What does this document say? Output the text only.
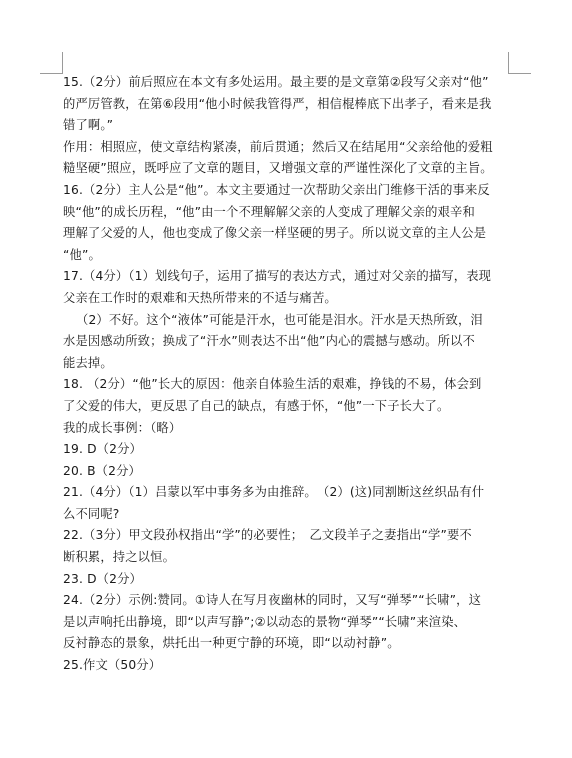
15.（2分）前后照应在本文有多处运用。最主要的是文章第②段写父亲对“他”
的严厉管教，在第⑥段用“他小时候我管得严，相信棍棒底下出孝子，看来是我
错了啊。”
作用：相照应，使文章结构紧凑，前后贯通；然后又在结尾用“父亲给他的爱粗
糙坚硬”照应，既呼应了文章的题目，又增强文章的严谨性深化了文章的主旨。
16.（2分）主人公是“他”。本文主要通过一次帮助父亲出门维修干活的事来反
映“他”的成长历程，“他”由一个不理解解父亲的人变成了理解父亲的艰辛和
理解了父爱的人，他也变成了像父亲一样坚硬的男子。所以说文章的主人公是
“他”。
17.（4分）（1）划线句子，运用了描写的表达方式，通过对父亲的描写，表现
父亲在工作时的艰难和天热所带来的不适与痛苦。
（2）不好。这个“液体”可能是汗水，也可能是泪水。汗水是天热所致，泪
水是因感动所致；换成了“汗水”则表达不出“他”内心的震撼与感动。所以不
能去掉。
18. （2分）“他”长大的原因：他亲自体验生活的艰难，挣钱的不易，体会到
了父爱的伟大，更反思了自己的缺点，有感于怀，“他”一下子长大了。
我的成长事例：（略）
19. D（2分）
20. B（2分）
21.（4分）（1）吕蒙以军中事务多为由推辞。　（2）(这)同割断这丝织品有什
么不同呢?
22.（3分）甲文段孙权指出“学”的必要性；　乙文段羊子之妻指出“学”要不
断积累，持之以恒。
23. D（2分）
24.（2分）示例:赞同。①诗人在写月夜幽林的同时，又写“弹琴”“长啸”，这
是以声响托出静境，即“以声写静”;②以动态的景物“弹琴”“长啸”来渲染、
反衬静态的景象，烘托出一种更宁静的环境，即“以动衬静”。
25.作文（50分）
